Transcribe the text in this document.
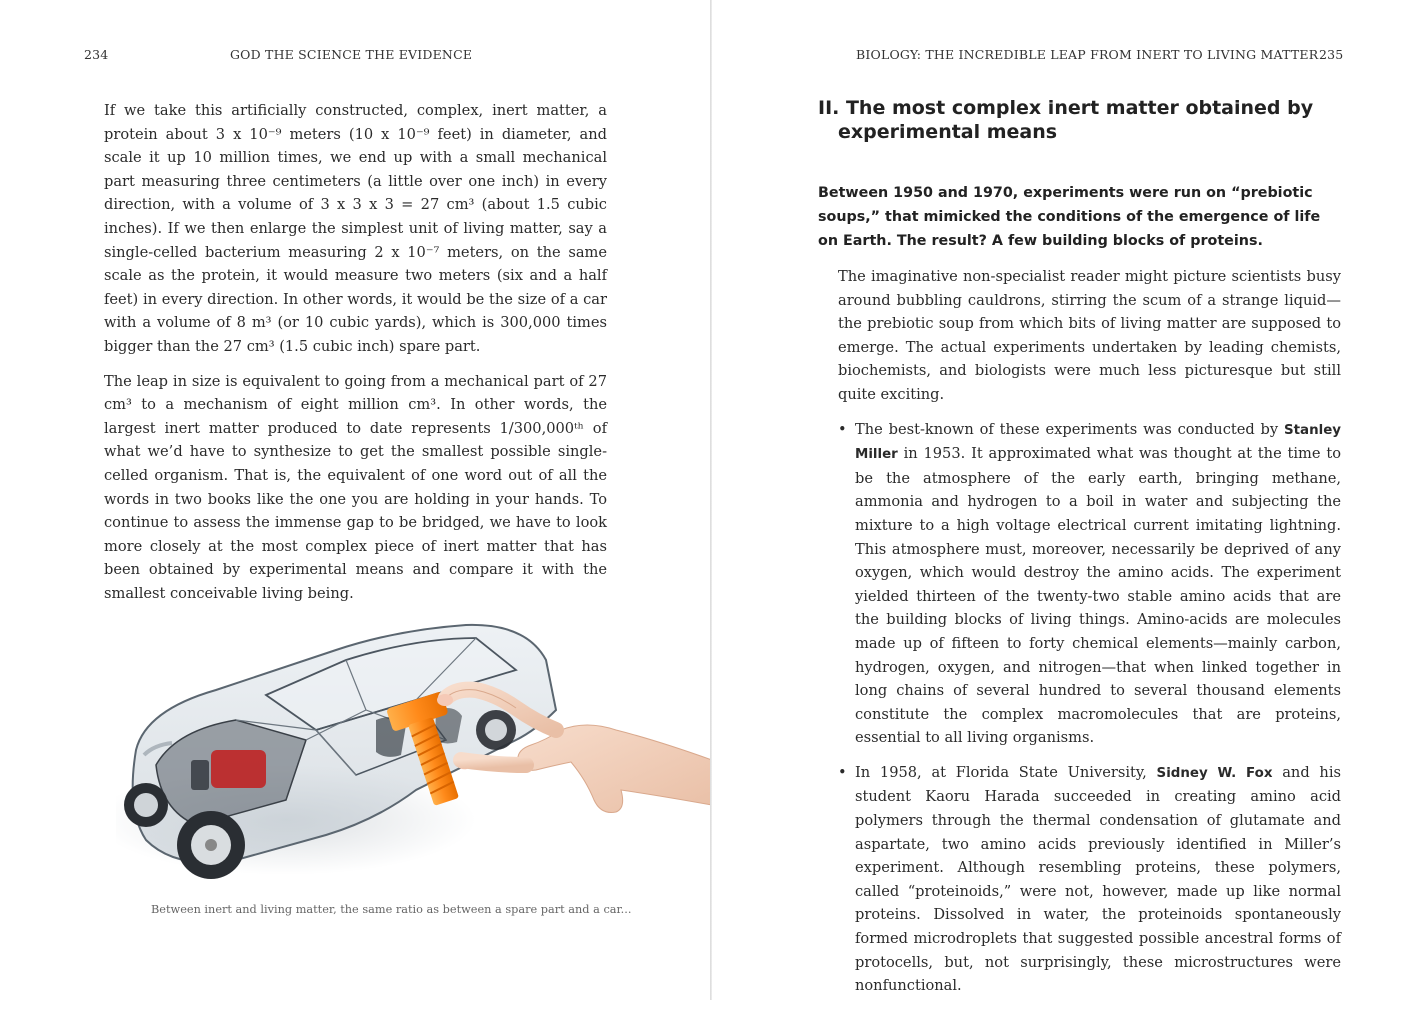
234	GOD THE SCIENCE THE EVIDENCE

If we take this artificially constructed, complex, inert matter, a protein about 3 x 10⁻⁹ meters (10 x 10⁻⁹ feet) in diameter, and scale it up 10 million times, we end up with a small mechanical part measuring three centimeters (a little over one inch) in every direction, with a volume of 3 x 3 x 3 = 27 cm³ (about 1.5 cubic inches). If we then enlarge the simplest unit of living matter, say a single-celled bacterium measuring 2 x 10⁻⁷ meters, on the same scale as the protein, it would measure two meters (six and a half feet) in every direction. In other words, it would be the size of a car with a volume of 8 m³ (or 10 cubic yards), which is 300,000 times bigger than the 27 cm³ (1.5 cubic inch) spare part.

The leap in size is equivalent to going from a mechanical part of 27 cm³ to a mechanism of eight million cm³. In other words, the largest inert matter produced to date represents 1/300,000ᵗʰ of what we’d have to synthesize to get the smallest possible single-celled organism. That is, the equivalent of one word out of all the words in two books like the one you are holding in your hands. To continue to assess the immense gap to be bridged, we have to look more closely at the most complex piece of inert matter that has been obtained by experimental means and compare it with the smallest conceivable living being.

Between inert and living matter, the same ratio as between a spare part and a car...
BIOLOGY: THE INCREDIBLE LEAP FROM INERT TO LIVING MATTER 235
II. The most complex inert matter obtained by experimental means
Between 1950 and 1970, experiments were run on “prebiotic soups,” that mimicked the conditions of the emergence of life on Earth. The result? A few building blocks of proteins.

The imaginative non-specialist reader might picture scientists busy around bubbling cauldrons, stirring the scum of a strange liquid—the prebiotic soup from which bits of living matter are supposed to emerge. The actual experiments undertaken by leading chemists, biochemists, and biologists were much less picturesque but still quite exciting.

• The best-known of these experiments was conducted by Stanley Miller in 1953. It approximated what was thought at the time to be the atmosphere of the early earth, bringing methane, ammonia and hydrogen to a boil in water and subjecting the mixture to a high voltage electrical current imitating lightning. This atmosphere must, moreover, necessarily be deprived of any oxygen, which would destroy the amino acids. The experiment yielded thirteen of the twenty-two stable amino acids that are the building blocks of living things. Amino-acids are molecules made up of fifteen to forty chemical elements—mainly carbon, hydrogen, oxygen, and nitrogen—that when linked together in long chains of several hundred to several thousand elements constitute the complex macromolecules that are proteins, essential to all living organisms.
• In 1958, at Florida State University, Sidney W. Fox and his student Kaoru Harada succeeded in creating amino acid polymers through the thermal condensation of glutamate and aspartate, two amino acids previously identified in Miller’s experiment. Although resembling proteins, these polymers, called “proteinoids,” were not, however, made up like normal proteins. Dissolved in water, the proteinoids spontaneously formed microdroplets that suggested possible ancestral forms of protocells, but, not surprisingly, these microstructures were nonfunctional.
